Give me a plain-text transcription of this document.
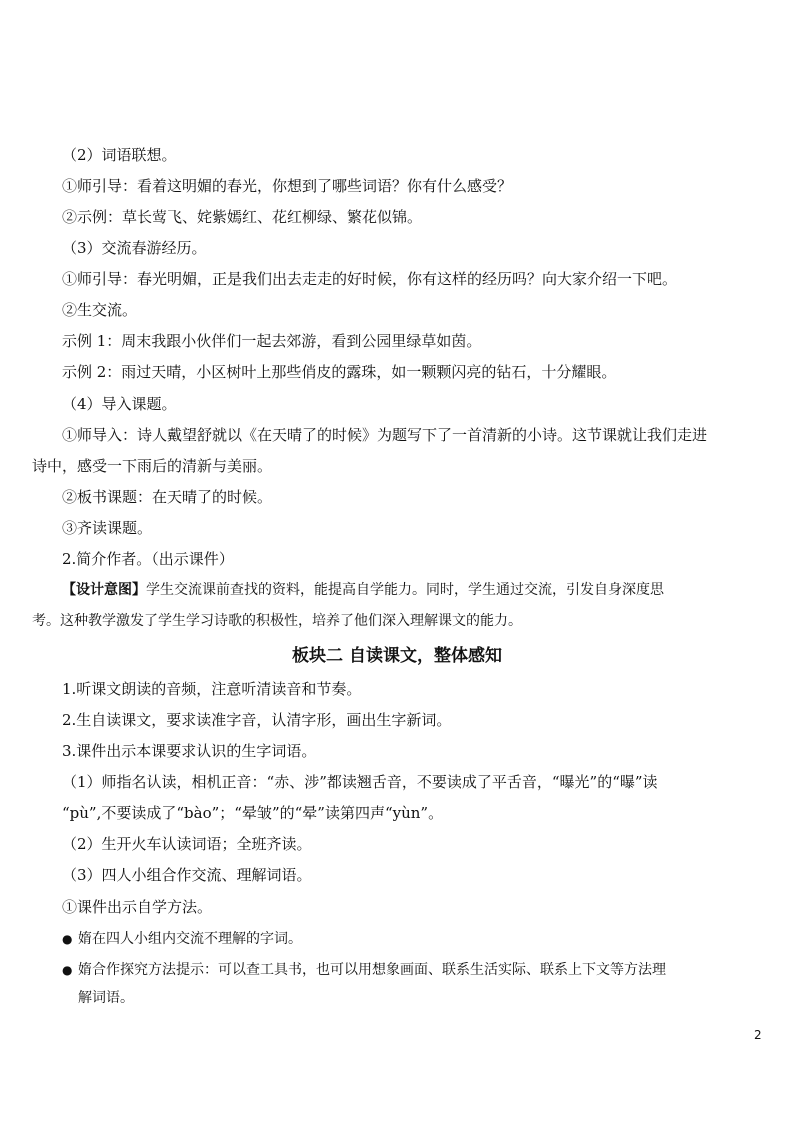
（2）词语联想。
①师引导：看着这明媚的春光，你想到了哪些词语？你有什么感受？
②示例：草长莺飞、姹紫嫣红、花红柳绿、繁花似锦。
（3）交流春游经历。
①师引导：春光明媚，正是我们出去走走的好时候，你有这样的经历吗？向大家介绍一下吧。
②生交流。
示例 1：周末我跟小伙伴们一起去郊游，看到公园里绿草如茵。
示例 2：雨过天晴，小区树叶上那些俏皮的露珠，如一颗颗闪亮的钻石，十分耀眼。
（4）导入课题。
①师导入：诗人戴望舒就以《在天晴了的时候》为题写下了一首清新的小诗。这节课就让我们走进
诗中，感受一下雨后的清新与美丽。
②板书课题：在天晴了的时候。
③齐读课题。
2.简介作者。（出示课件）
【设计意图】学生交流课前查找的资料，能提高自学能力。同时，学生通过交流，引发自身深度思
考。这种教学激发了学生学习诗歌的积极性，培养了他们深入理解课文的能力。
板块二 自读课文，整体感知
1.听课文朗读的音频，注意听清读音和节奏。
2.生自读课文，要求读准字音，认清字形，画出生字新词。
3.课件出示本课要求认识的生字词语。
（1）师指名认读，相机正音：“赤、涉”都读翘舌音，不要读成了平舌音，“曝光”的“曝”读
“pù”,不要读成了“bào”；“晕皱”的“晕”读第四声“yùn”。
（2）生开火车认读词语；全班齐读。
（3）四人小组合作交流、理解词语。
①课件出示自学方法。
● 媠在四人小组内交流不理解的字词。
● 媠合作探究方法提示：可以查工具书，也可以用想象画面、联系生活实际、联系上下文等方法理
解词语。
2
